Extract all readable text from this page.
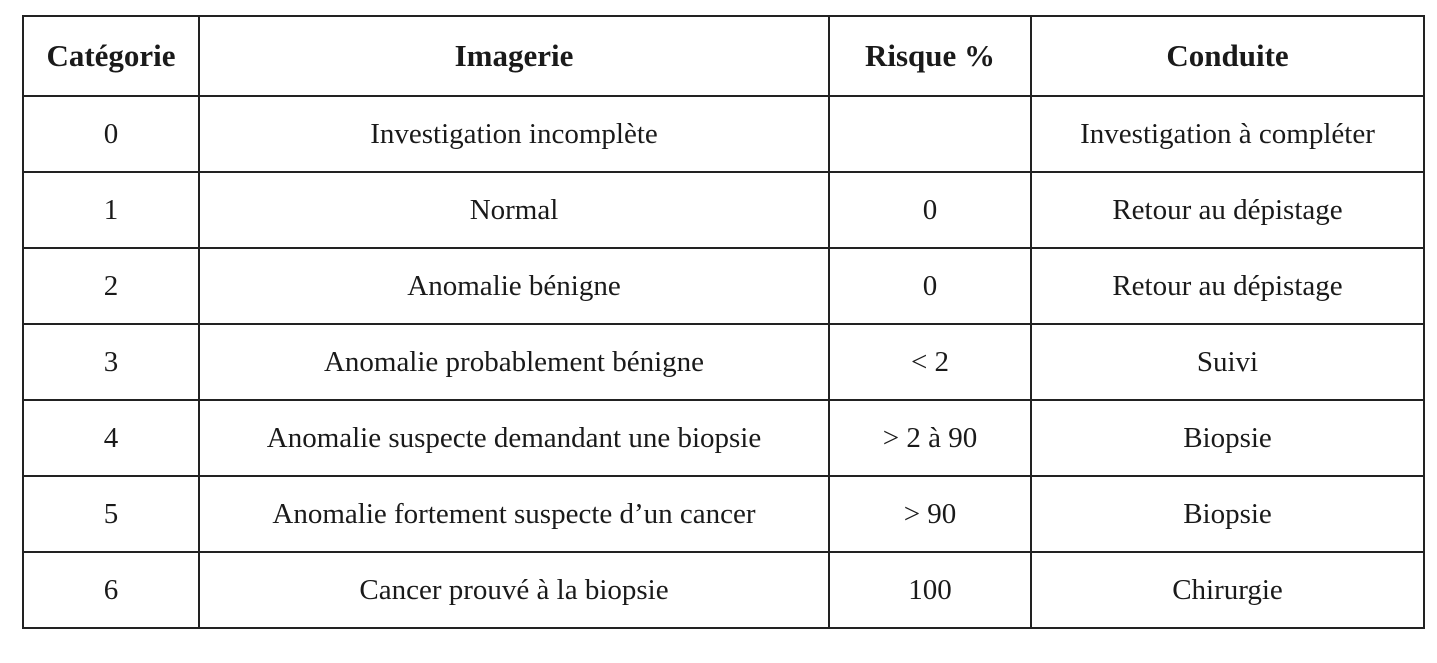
Catégorie	Imagerie	Risque %	Conduite
0	Investigation incomplète		Investigation à compléter
1	Normal	0	Retour au dépistage
2	Anomalie bénigne	0	Retour au dépistage
3	Anomalie probablement bénigne	< 2	Suivi
4	Anomalie suspecte demandant une biopsie	> 2 à 90	Biopsie
5	Anomalie fortement suspecte d’un cancer	> 90	Biopsie
6	Cancer prouvé à la biopsie	100	Chirurgie
